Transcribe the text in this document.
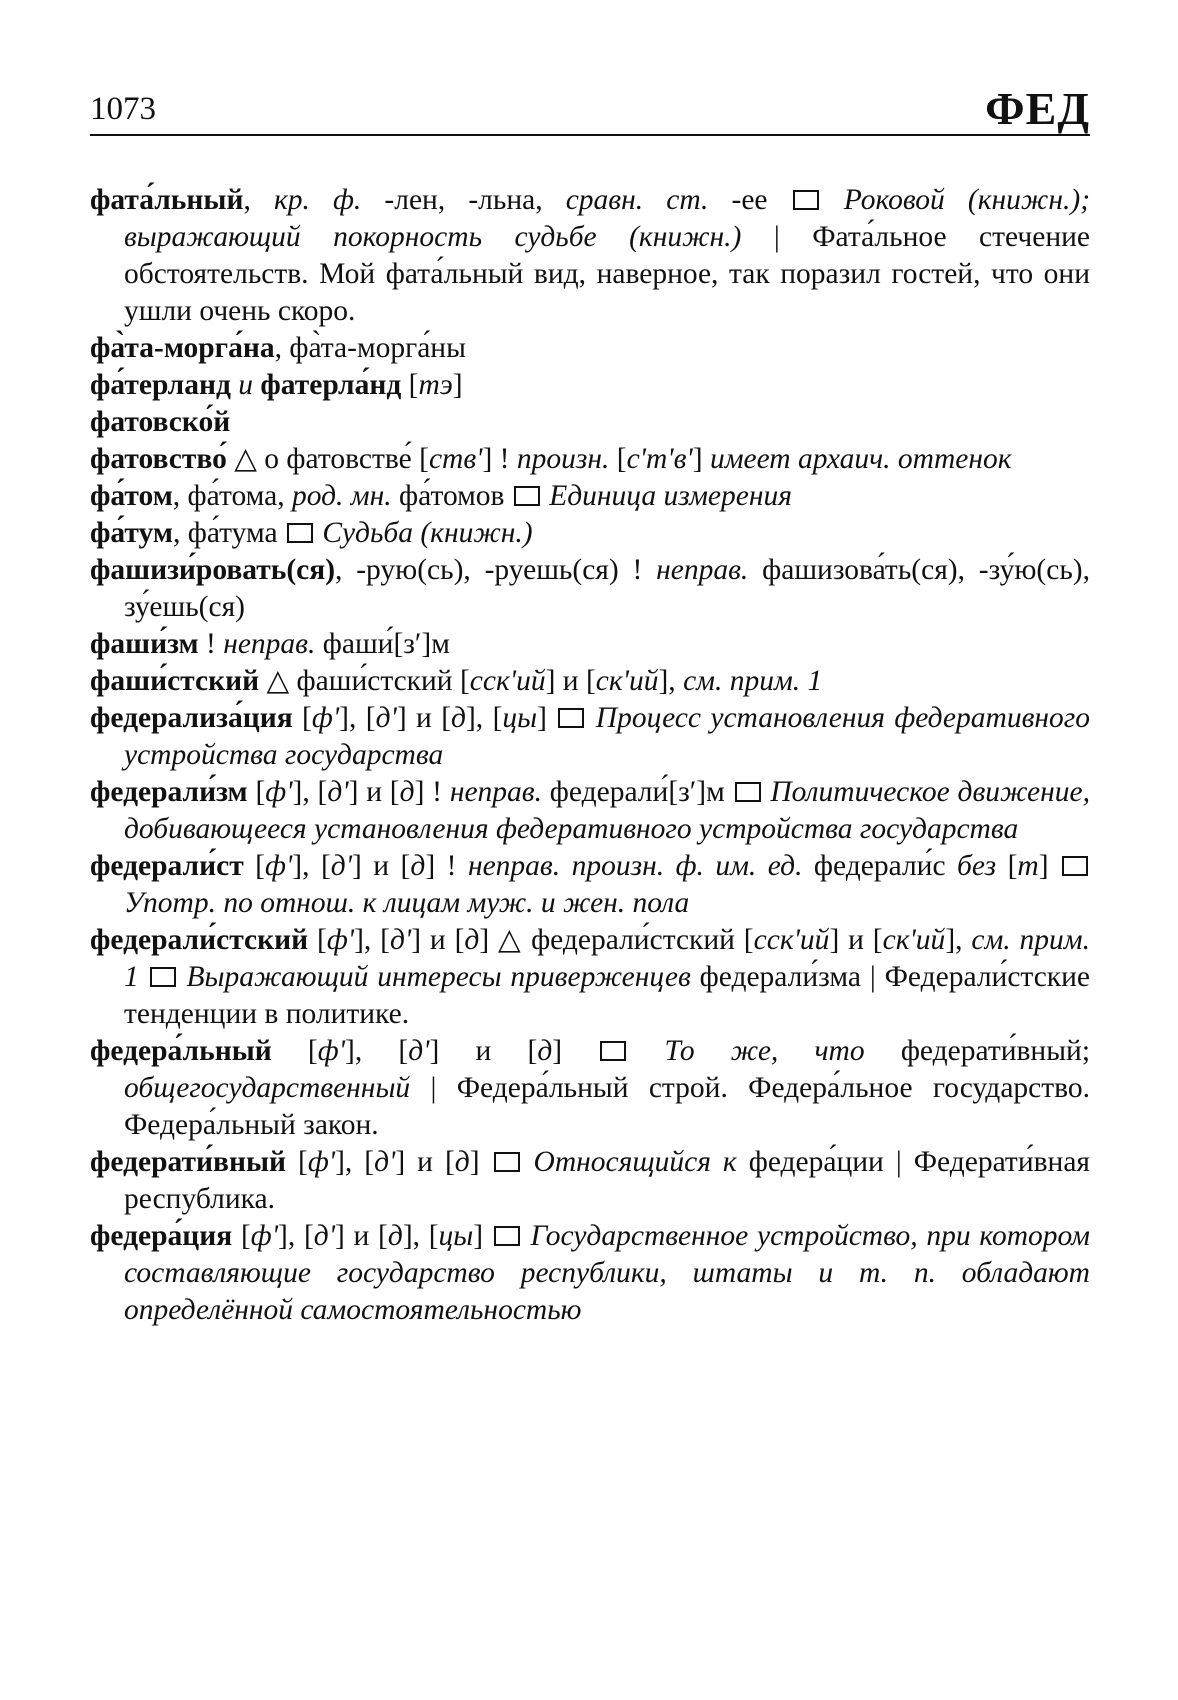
1073	ФЕД

фата́льный, кр. ф. -лен, -льна, сравн. ст. -ее  Роковой (книжн.); выражающий покорность судьбе (книжн.) | Фата́льное стечение обстоятельств. Мой фата́льный вид, наверное, так поразил гостей, что они ушли очень скоро.

фа̀та-морга́на, фа̀та-морга́ны

фа́терланд и фатерла́нд [тэ]

фатовско́й

фатовство́ △ о фатовстве́ [ствʹ] ! произн. [сʹтʹвʹ] имеет архаич. оттенок

фа́том, фа́тома, род. мн. фа́томов  Единица измерения

фа́тум, фа́тума  Судьба (книжн.)

фашизи́ровать(ся), -рую(сь), -руешь(ся) ! неправ. фашизова́ть(ся), -зу́ю(сь), зу́ешь(ся)

фаши́зм ! неправ. фаши́[зʹ]м

фаши́стский △ фаши́стский [сскʹий] и [скʹий], см. прим. 1

федерализа́ция [фʹ], [дʹ] и [д], [цы]  Процесс установления федеративного устройства государства

федерали́зм [фʹ], [дʹ] и [д] ! неправ. федерали́[зʹ]м  Политическое движение, добивающееся установления федеративного устройства государства

федерали́ст [фʹ], [дʹ] и [д] ! неправ. произн. ф. им. ед. федерали́с без [т]  Употр. по отнош. к лицам муж. и жен. пола

федерали́стский [фʹ], [дʹ] и [д] △ федерали́стский [сскʹий] и [скʹий], см. прим. 1 Выражающий интересы приверженцев федерали́зма | Федерали́стские тенденции в политике.

федера́льный [фʹ], [дʹ] и [д]  То же, что федерати́вный; общегосударственный | Федера́льный строй. Федера́льное государство. Федера́льный закон.

федерати́вный [фʹ], [дʹ] и [д]  Относящийся к федера́ции | Федерати́вная республика.

федера́ция [фʹ], [дʹ] и [д], [цы]  Государственное устройство, при котором составляющие государство республики, штаты и т. п. обладают определённой самостоятельностью
